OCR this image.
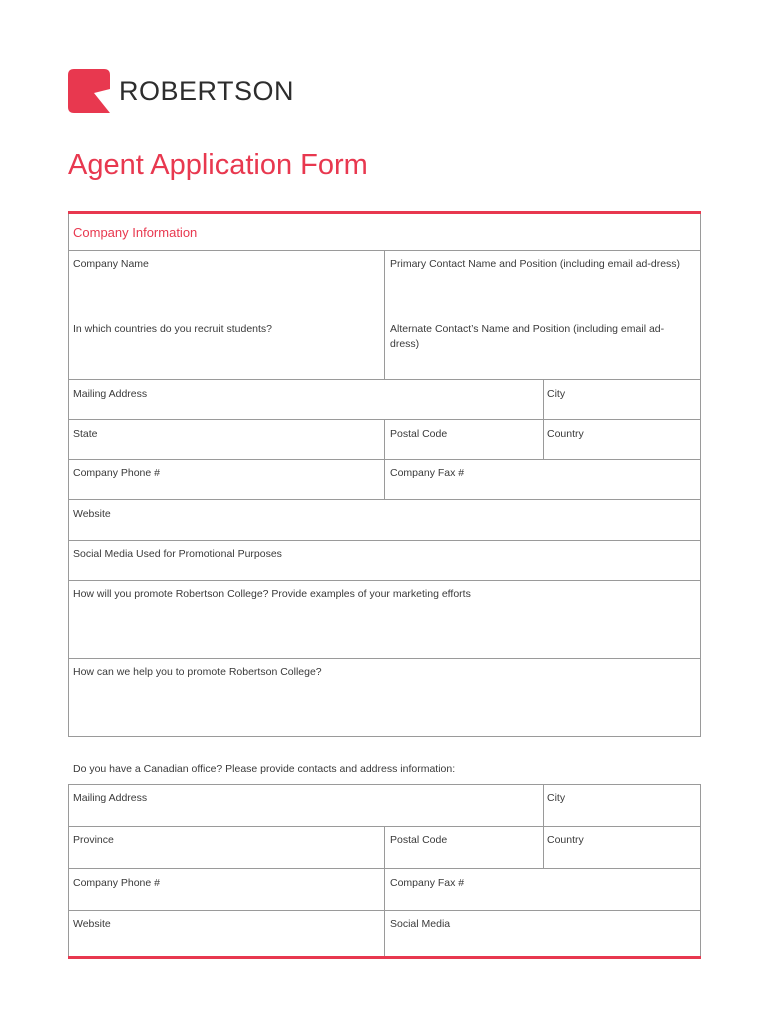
ROBERTSON
Agent Application Form
Company Information
Company Name	Primary Contact Name and Position (including email ad-dress)
In which countries do you recruit students?	Alternate Contact’s Name and Position (including email ad-dress)
Mailing Address	City
State	Postal Code	Country
Company Phone #	Company Fax #
Website
Social Media Used for Promotional Purposes
How will you promote Robertson College? Provide examples of your marketing efforts
How can we help you to promote Robertson College?
Do you have a Canadian office? Please provide contacts and address information:
Mailing Address	City
Province	Postal Code	Country
Company Phone #	Company Fax #
Website	Social Media
